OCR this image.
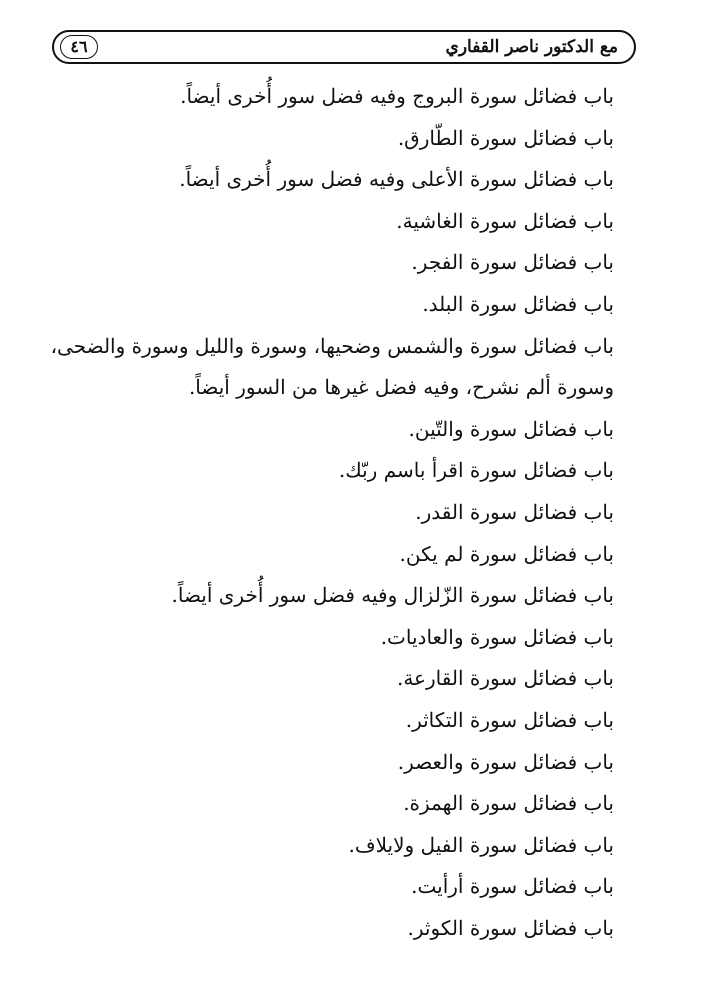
مع الدكتور ناصر القفاري
٤٦
باب فضائل سورة البروج وفيه فضل سور أُخرى أيضاً.
باب فضائل سورة الطّارق.
باب فضائل سورة الأعلى وفيه فضل سور أُخرى أيضاً.
باب فضائل سورة الغاشية.
باب فضائل سورة الفجر.
باب فضائل سورة البلد.
باب فضائل سورة والشمس وضحيها، وسورة والليل وسورة والضحى،
وسورة ألم نشرح، وفيه فضل غيرها من السور أيضاً.
باب فضائل سورة والتّين.
باب فضائل سورة اقرأ باسم ربّك.
باب فضائل سورة القدر.
باب فضائل سورة لم يكن.
باب فضائل سورة الزّلزال وفيه فضل سور أُخرى أيضاً.
باب فضائل سورة والعاديات.
باب فضائل سورة القارعة.
باب فضائل سورة التكاثر.
باب فضائل سورة والعصر.
باب فضائل سورة الهمزة.
باب فضائل سورة الفيل ولايلاف.
باب فضائل سورة أرأيت.
باب فضائل سورة الكوثر.
